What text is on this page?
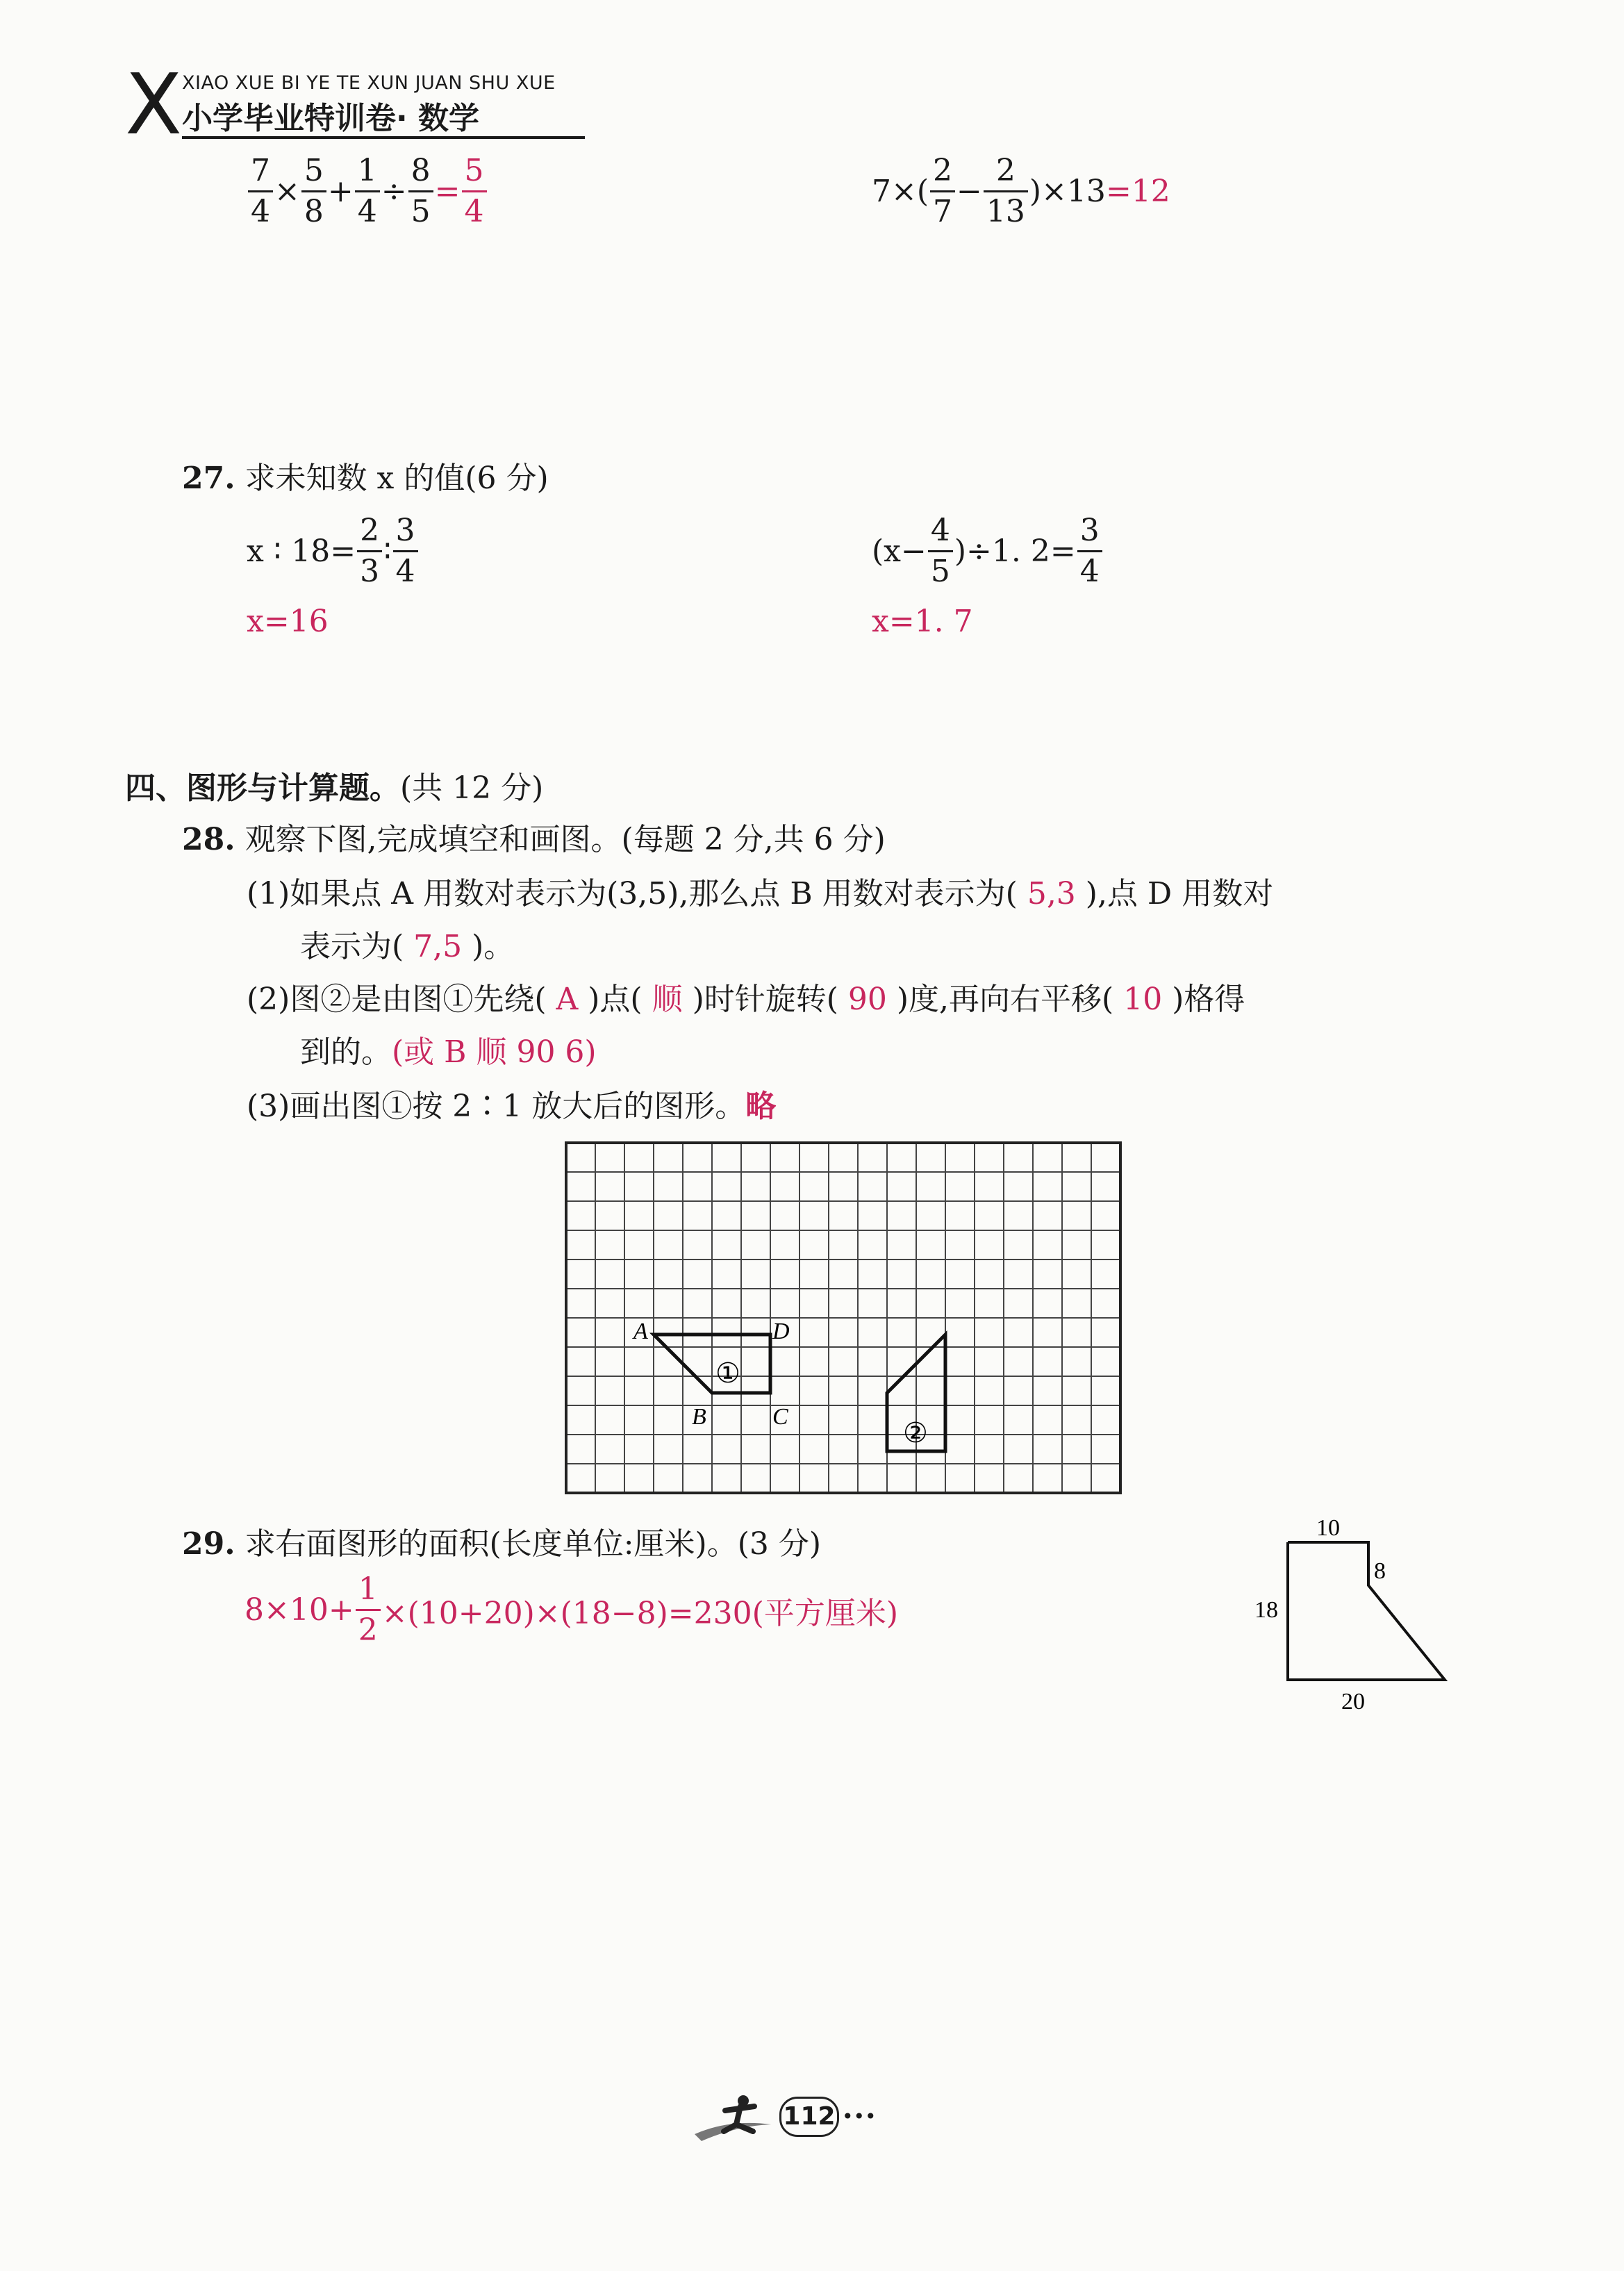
X XIAO XUE BI YE TE XUN JUAN SHU XUE
小学毕业特训卷· 数学
$\frac{7}{4} \times \frac{5}{8} + \frac{1}{4} \div \frac{8}{5} = \frac{5}{4}$	$7\times( \frac{2}{7} - \frac{2}{13} )\times 13 = 12$
27. 求未知数 x 的值(6 分)
x ∶ $18= \frac{2}{3}$ ∶ $\frac{3}{4}$
x=16
$(x- \frac{4}{5} )\div 1$. $2= \frac{3}{4}$
x=1. 7
四、图形与计算题。(共 12 分)
28. 观察下图,完成填空和画图。(每题 2 分,共 6 分)
(1)如果点 A 用数对表示为(3,5),那么点 B 用数对表示为( 5,3 ),点 D 用数对
表示为( 7,5 )。
(2)图②是由图①先绕( A )点( 顺 )时针旋转( 90 )度,再向右平移( 10 )格得
到的。(或 B 顺 90 6)
(3)画出图①按 2∶1 放大后的图形。略
A	D
B	C
①
②
29. 求右面图形的面积(长度单位:厘米)。(3 分)
$8\times 10+ \frac{1}{2} \times(10+20)\times(18-8)=230$(平方厘米)
10
8
18
20
112 •••
